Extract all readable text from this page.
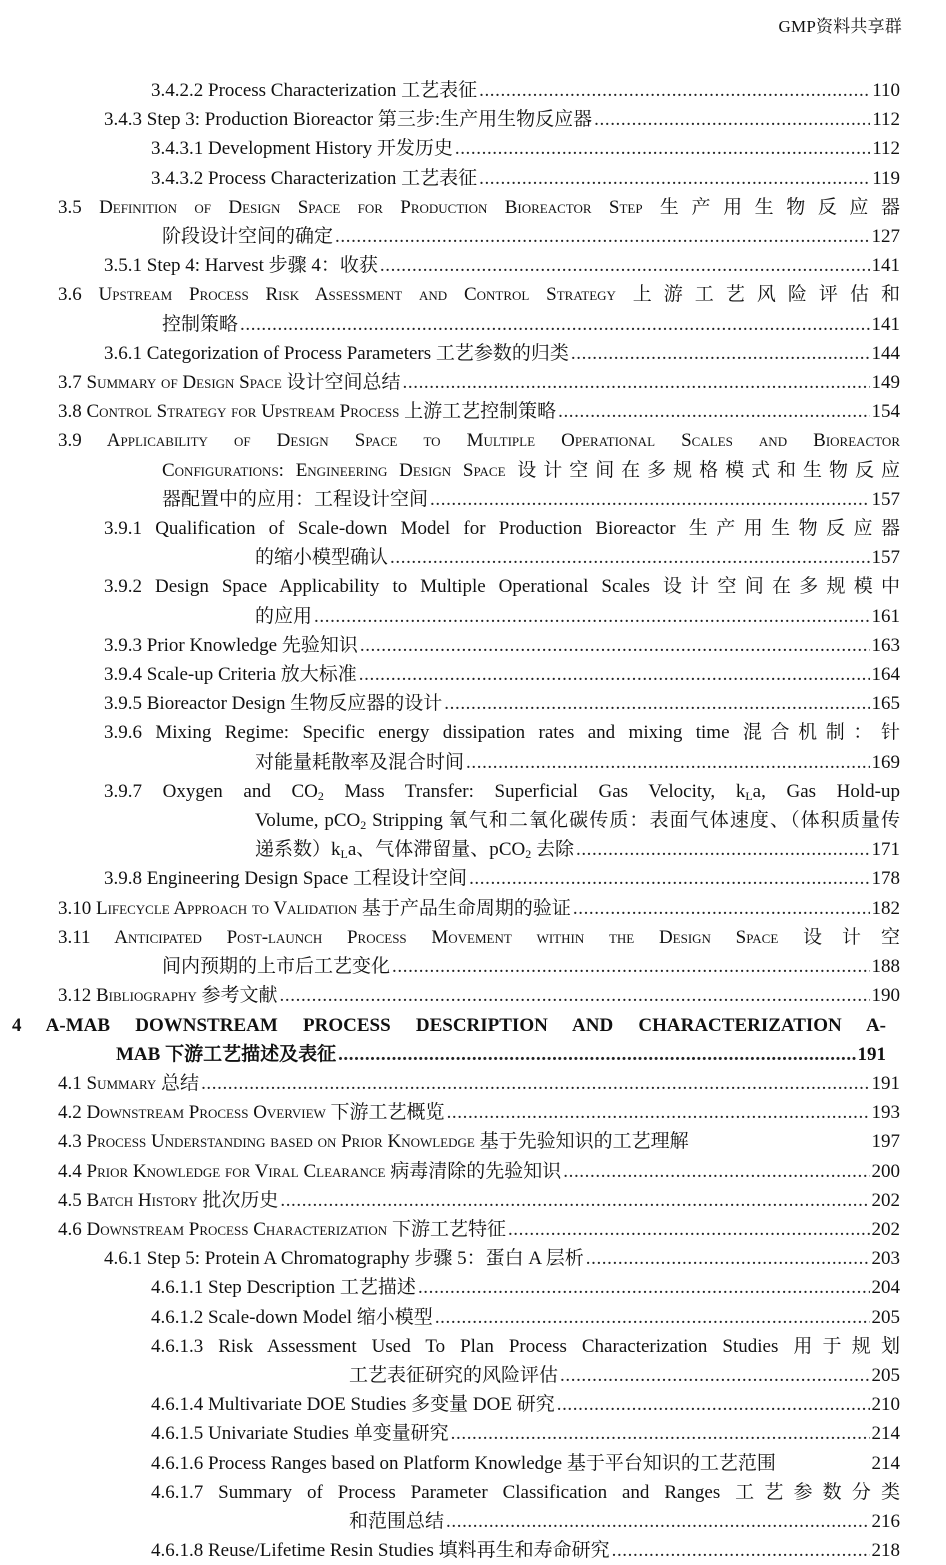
GMP资料共享群
3.4.2.2 Process Characterization 工艺表征 .....	110
3.4.3 Step 3: Production Bioreactor 第三步:生产用生物反应器 .....	112
3.4.3.1 Development History 开发历史 .....	112
3.4.3.2 Process Characterization 工艺表征 .....	119
3.5 Definition of Design Space for Production Bioreactor Step 生产用生物反应器
阶段设计空间的确定 .....	127
3.5.1 Step 4: Harvest 步骤 4：收获 .....	141
3.6 Upstream Process Risk Assessment and Control Strategy 上游工艺风险评估和
控制策略 .....	141
3.6.1 Categorization of Process Parameters 工艺参数的归类 .....	144
3.7 Summary of Design Space 设计空间总结 .....	149
3.8 Control Strategy for Upstream Process 上游工艺控制策略 .....	154
3.9 Applicability of Design Space to Multiple Operational Scales and Bioreactor
Configurations: Engineering Design Space 设计空间在多规格模式和生物反应
器配置中的应用：工程设计空间 .....	157
3.9.1 Qualification of Scale-down Model for Production Bioreactor 生产用生物反应器
的缩小模型确认 .....	157
3.9.2 Design Space Applicability to Multiple Operational Scales 设计空间在多规模中
的应用 .....	161
3.9.3 Prior Knowledge 先验知识 .....	163
3.9.4 Scale-up Criteria 放大标准 .....	164
3.9.5 Bioreactor Design 生物反应器的设计 .....	165
3.9.6 Mixing Regime: Specific energy dissipation rates and mixing time 混合机制：针
对能量耗散率及混合时间 .....	169
3.9.7 Oxygen and $CO_2$ Mass Transfer: Superficial Gas Velocity, $k_La$, Gas Hold-up
Volume, pCO$_2$ Stripping 氧气和二氧化碳传质：表面气体速度、（体积质量传
递系数）$k_La$、气体滞留量、pCO$_2$ 去除 .....	171
3.9.8 Engineering Design Space 工程设计空间 .....	178
3.10 Lifecycle Approach to Validation 基于产品生命周期的验证 .....	182
3.11 Anticipated Post-launch Process Movement within the Design Space 设计空
间内预期的上市后工艺变化 .....	188
3.12 Bibliography 参考文献 .....	190
4 A-MAB DOWNSTREAM PROCESS DESCRIPTION AND CHARACTERIZATION A-
MAB 下游工艺描述及表征 .....	191
4.1 Summary 总结 .....	191
4.2 Downstream Process Overview 下游工艺概览 .....	193
4.3 Process Understanding based on Prior Knowledge 基于先验知识的工艺理解	197
4.4 Prior Knowledge for Viral Clearance 病毒清除的先验知识 .....	200
4.5 Batch History 批次历史 .....	202
4.6 Downstream Process Characterization 下游工艺特征 .....	202
4.6.1 Step 5: Protein A Chromatography 步骤 5：蛋白 A 层析 .....	203
4.6.1.1 Step Description 工艺描述 .....	204
4.6.1.2 Scale-down Model 缩小模型 .....	205
4.6.1.3 Risk Assessment Used To Plan Process Characterization Studies 用于规划
工艺表征研究的风险评估 .....	205
4.6.1.4 Multivariate DOE Studies 多变量 DOE 研究 .....	210
4.6.1.5 Univariate Studies 单变量研究 .....	214
4.6.1.6 Process Ranges based on Platform Knowledge 基于平台知识的工艺范围	214
4.6.1.7 Summary of Process Parameter Classification and Ranges 工艺参数分类
和范围总结 .....	216
4.6.1.8 Reuse/Lifetime Resin Studies 填料再生和寿命研究 .....	218
